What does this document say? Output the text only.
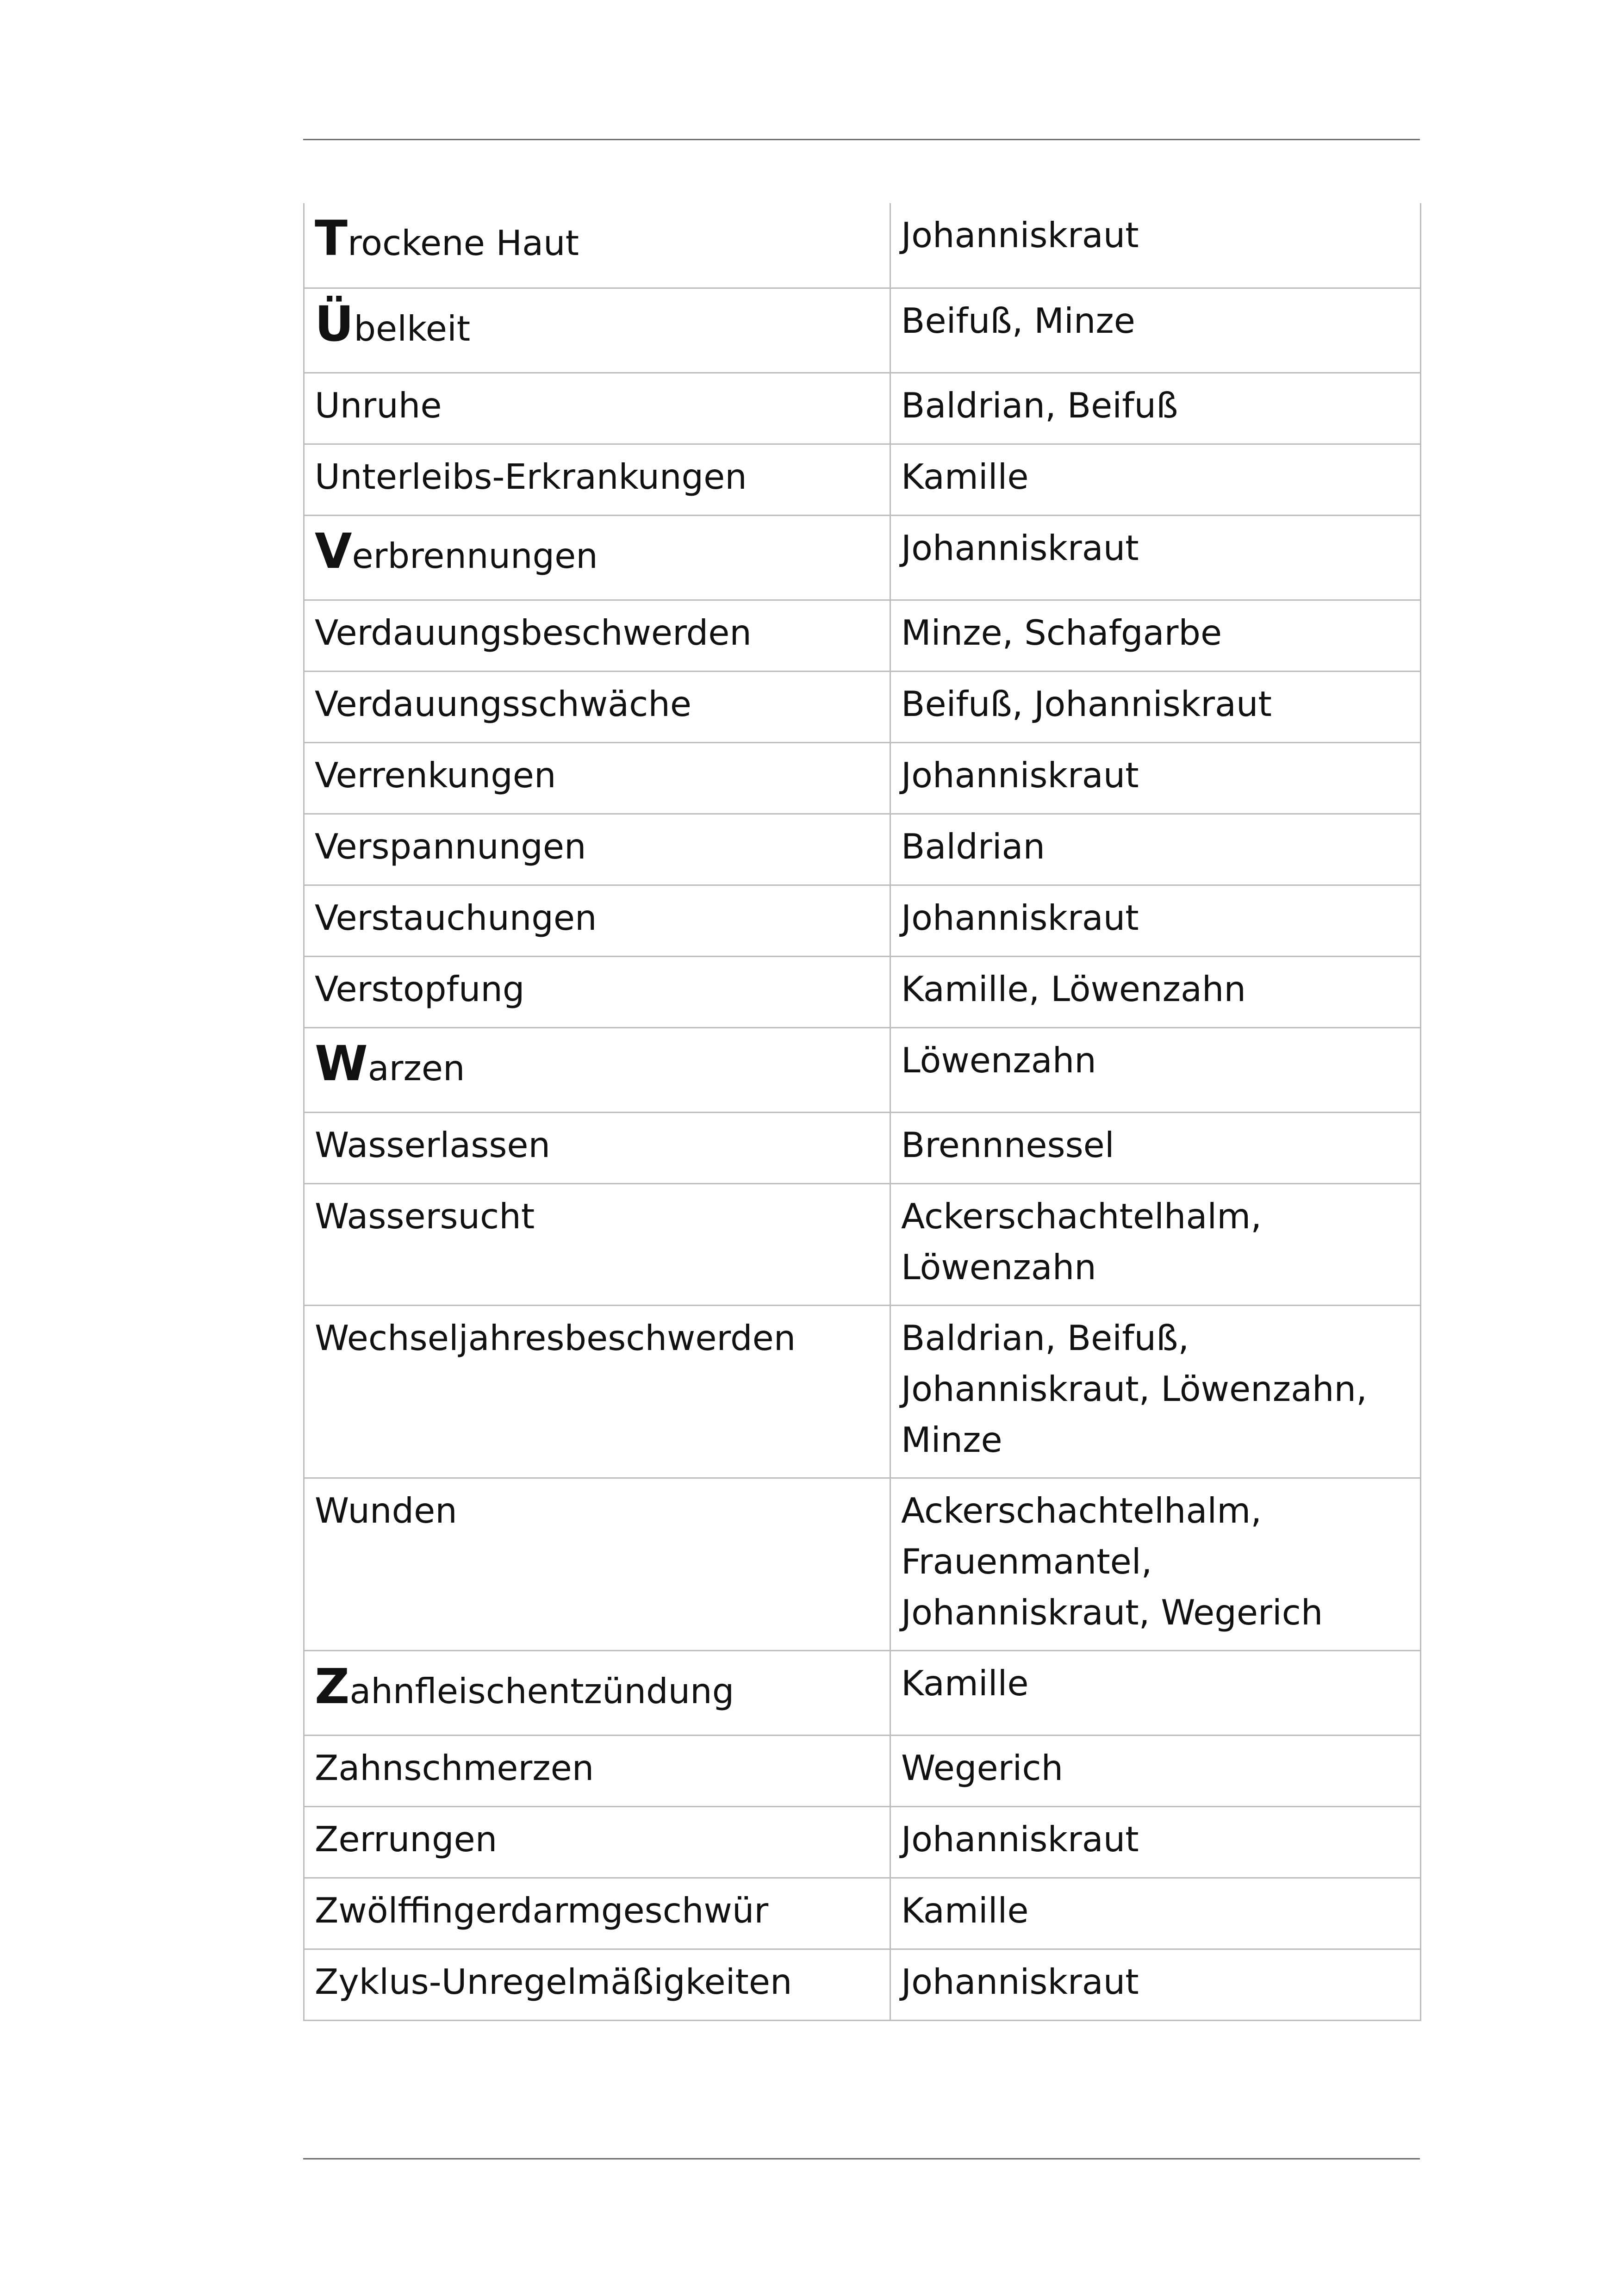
Trockene Haut	Johanniskraut
Übelkeit	Beifuß, Minze
Unruhe	Baldrian, Beifuß
Unterleibs-Erkrankungen	Kamille
Verbrennungen	Johanniskraut
Verdauungsbeschwerden	Minze, Schafgarbe
Verdauungsschwäche	Beifuß, Johanniskraut
Verrenkungen	Johanniskraut
Verspannungen	Baldrian
Verstauchungen	Johanniskraut
Verstopfung	Kamille, Löwenzahn
Warzen	Löwenzahn
Wasserlassen	Brennnessel
Wassersucht	Ackerschachtelhalm, Löwenzahn
Wechseljahresbeschwerden	Baldrian, Beifuß, Johanniskraut, Löwenzahn, Minze
Wunden	Ackerschachtelhalm, Frauenmantel, Johanniskraut, Wegerich
Zahnfleischentzündung	Kamille
Zahnschmerzen	Wegerich
Zerrungen	Johanniskraut
Zwölffingerdarmgeschwür	Kamille
Zyklus-Unregelmäßigkeiten	Johanniskraut
